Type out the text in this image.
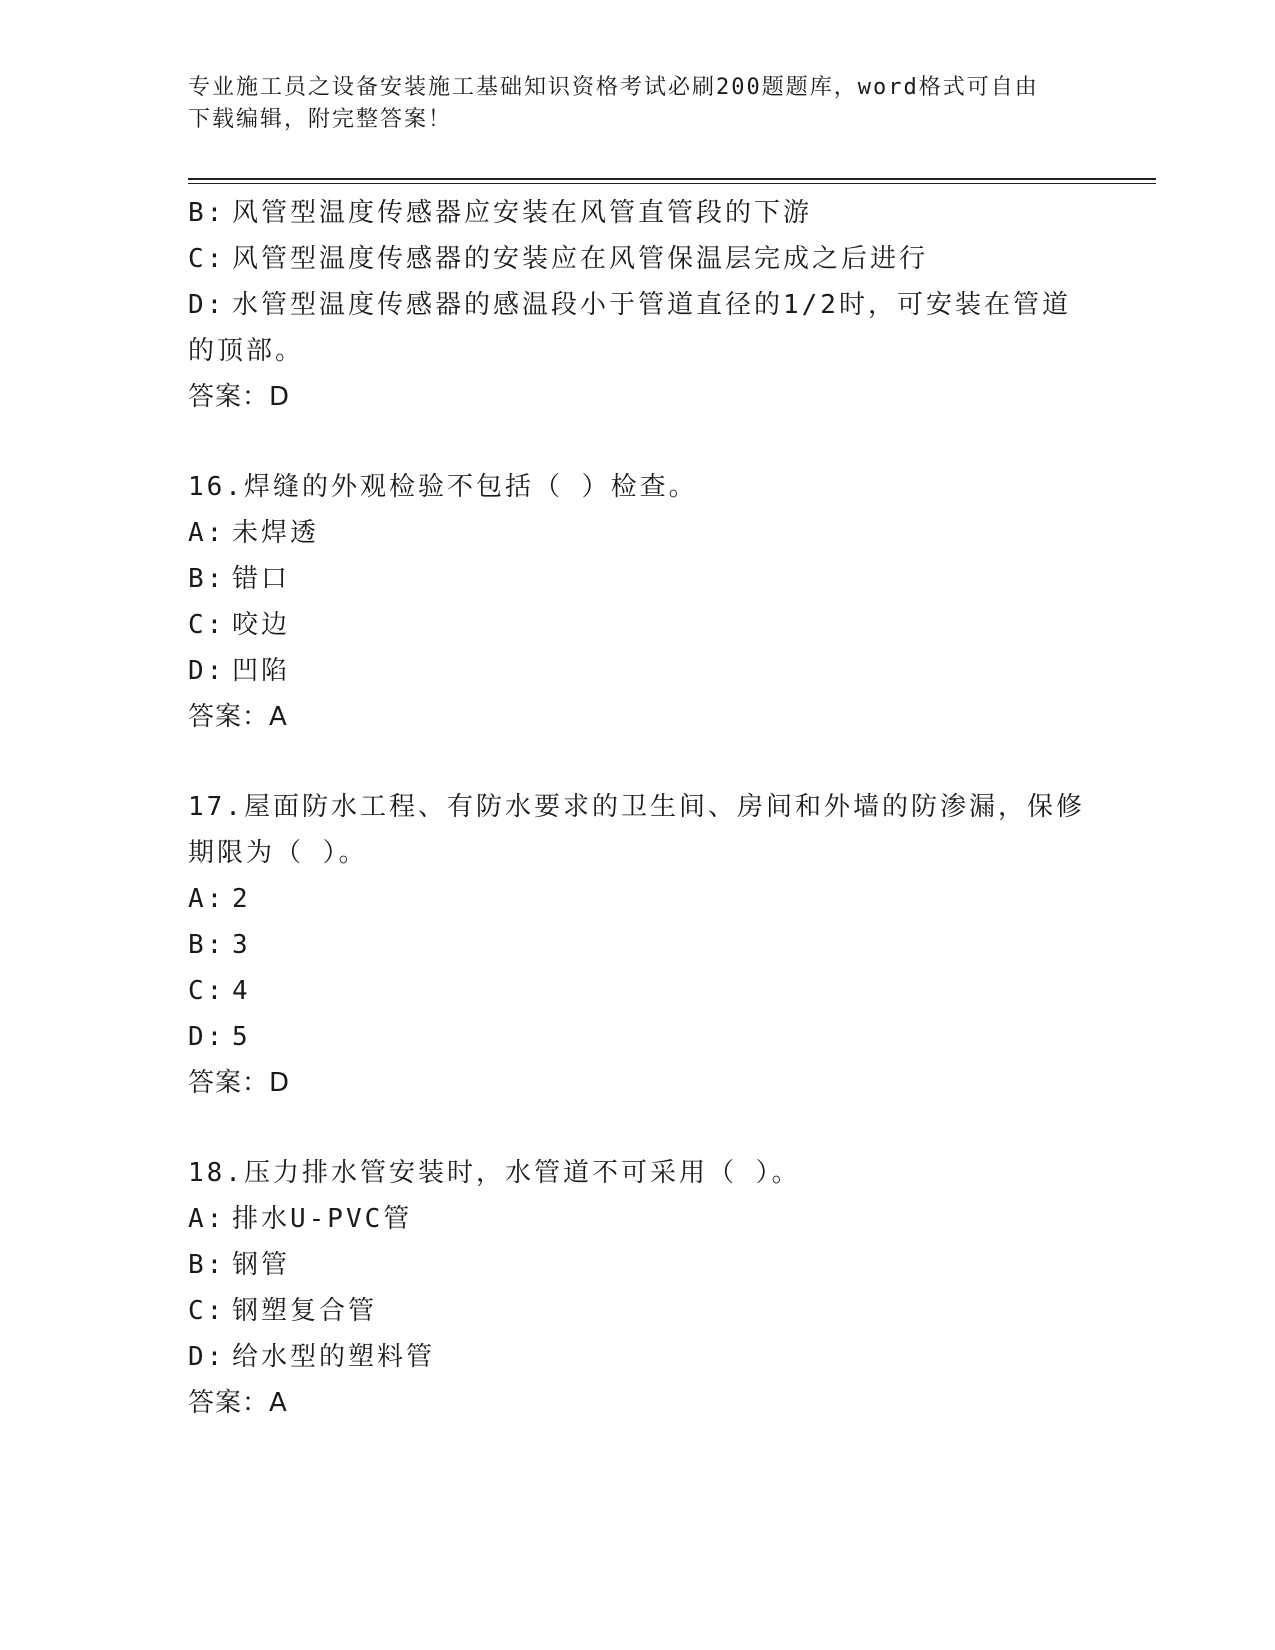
专业施工员之设备安装施工基础知识资格考试必刷200题题库，word格式可自由
下载编辑，附完整答案！
B: 风管型温度传感器应安装在风管直管段的下游
C: 风管型温度传感器的安装应在风管保温层完成之后进行
D: 水管型温度传感器的感温段小于管道直径的1/2时，可安装在管道
的顶部。
答案：D
16.焊缝的外观检验不包括（ ）检查。
A: 未焊透
B: 错口
C: 咬边
D: 凹陷
答案：A
17.屋面防水工程、有防水要求的卫生间、房间和外墙的防渗漏，保修
期限为（ ）。
A: 2
B: 3
C: 4
D: 5
答案：D
18.压力排水管安装时，水管道不可采用（ ）。
A: 排水U-PVC管
B: 钢管
C: 钢塑复合管
D: 给水型的塑料管
答案：A
